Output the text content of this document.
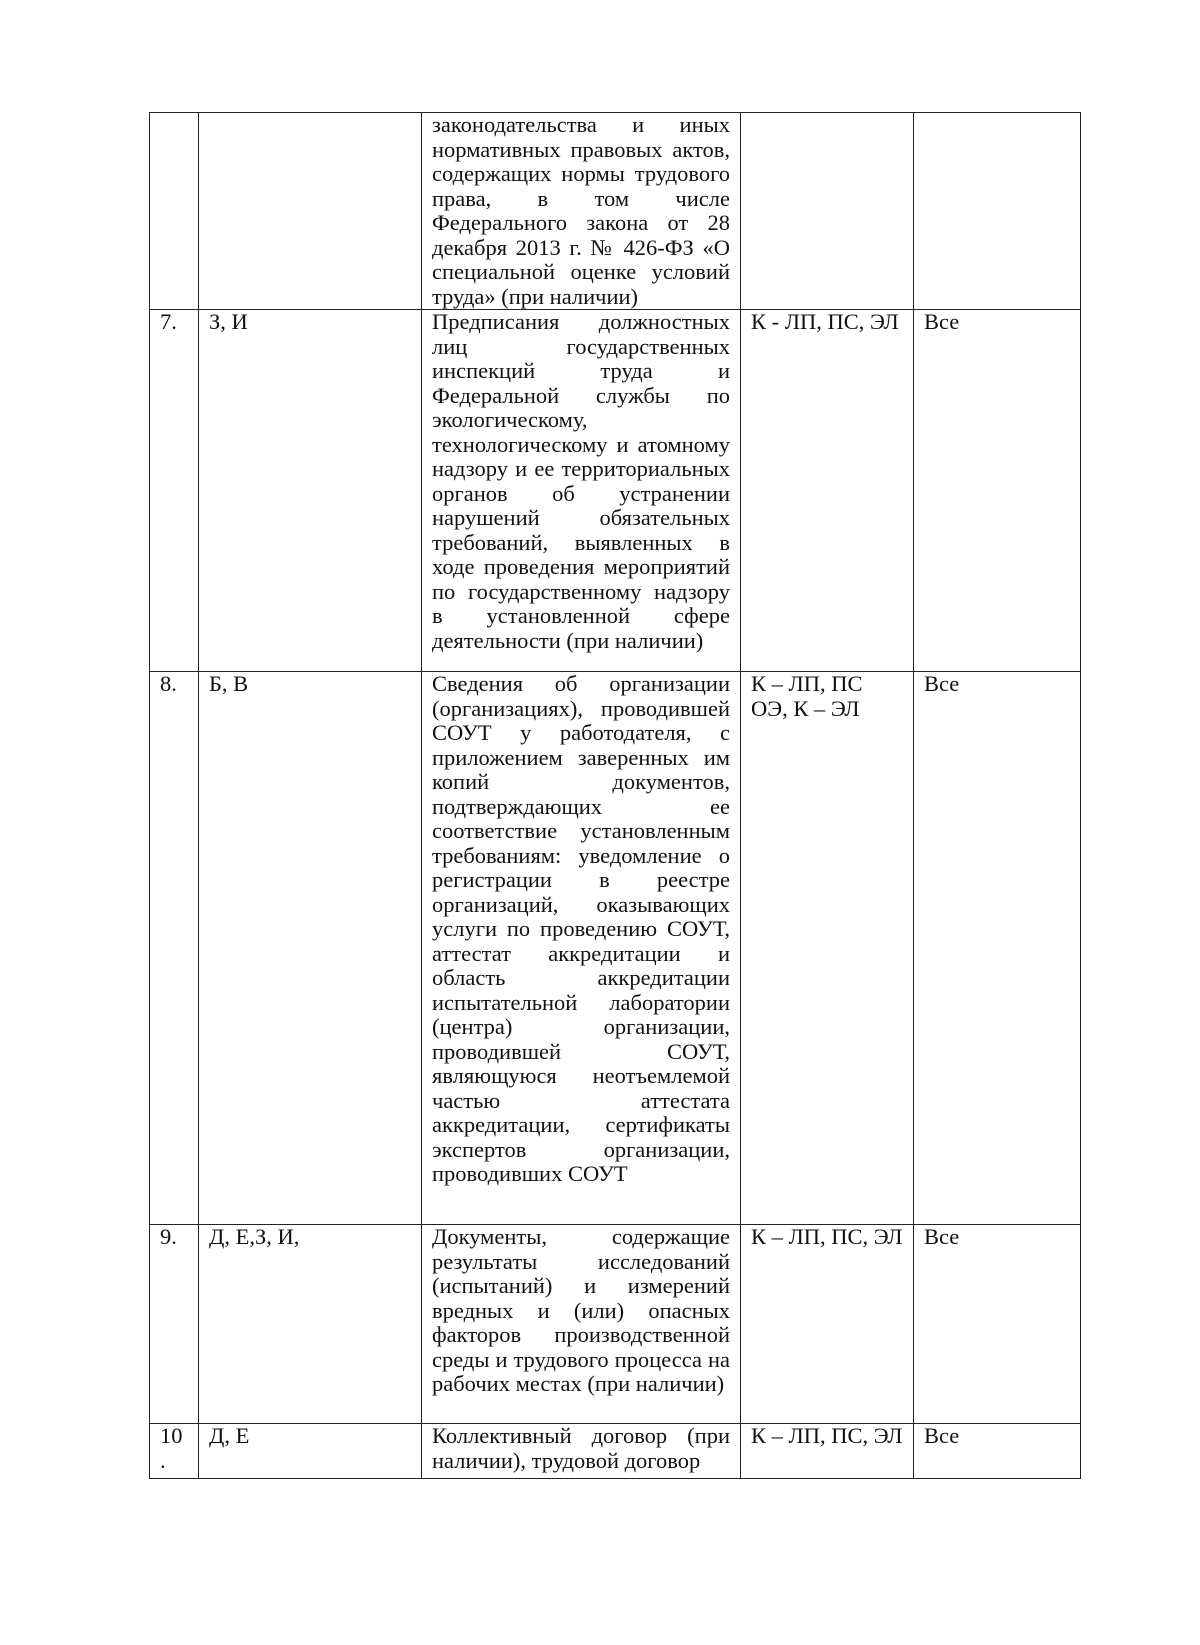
		законодательства и иных нормативных правовых актов, содержащих нормы трудового права, в том числе Федерального закона от 28 декабря 2013 г. № 426-ФЗ «О специальной оценке условий труда» (при наличии)		
7.	З, И	Предписания должностных лиц государственных инспекций труда и Федеральной службы по экологическому, технологическому и атомному надзору и ее территориальных органов об устранении нарушений обязательных требований, выявленных в ходе проведения мероприятий по государственному надзору в установленной сфере деятельности (при наличии)	К - ЛП, ПС, ЭЛ	Все
8.	Б, В	Сведения об организации (организациях), проводившей СОУТ у работодателя, с приложением заверенных им копий документов, подтверждающих ее соответствие установленным требованиям: уведомление о регистрации в реестре организаций, оказывающих услуги по проведению СОУТ, аттестат аккредитации и область аккредитации испытательной лаборатории (центра) организации, проводившей СОУТ, являющуюся неотъемлемой частью аттестата аккредитации, сертификаты экспертов организации, проводивших СОУТ	К – ЛП, ПС ОЭ, К – ЭЛ	Все
9.	Д, Е,З, И,	Документы, содержащие результаты исследований (испытаний) и измерений вредных и (или) опасных факторов производственной среды и трудового процесса на рабочих местах (при наличии)	К – ЛП, ПС, ЭЛ	Все
10.	Д, Е	Коллективный договор (при наличии), трудовой договор	К – ЛП, ПС, ЭЛ	Все
